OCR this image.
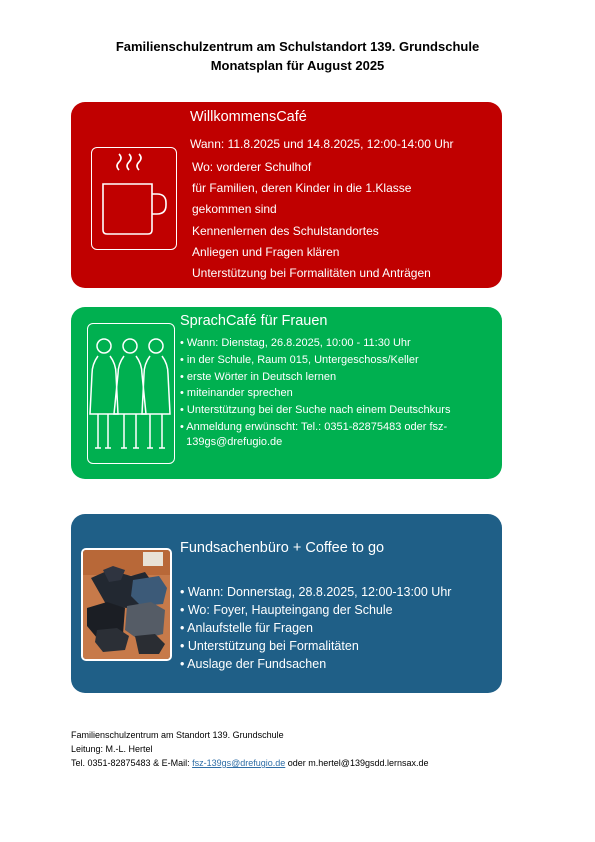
Familienschulzentrum am Schulstandort 139. Grundschule
Monatsplan für August 2025
WillkommensCafé
Wann: 11.8.2025 und 14.8.2025, 12:00-14:00 Uhr
Wo: vorderer Schulhof
für Familien, deren Kinder in die 1.Klasse
gekommen sind
Kennenlernen des Schulstandortes
Anliegen und Fragen klären
Unterstützung bei Formalitäten und Anträgen
SprachCafé für Frauen
• Wann: Dienstag, 26.8.2025, 10:00 - 11:30 Uhr
• in der Schule, Raum 015, Untergeschoss/Keller
• erste Wörter in Deutsch lernen
• miteinander sprechen
• Unterstützung bei der Suche nach einem Deutschkurs
• Anmeldung erwünscht: Tel.: 0351-82875483 oder fsz-
139gs@drefugio.de
Fundsachenbüro + Coffee to go
• Wann: Donnerstag, 28.8.2025, 12:00-13:00 Uhr
• Wo: Foyer, Haupteingang der Schule
• Anlaufstelle für Fragen
• Unterstützung bei Formalitäten
• Auslage der Fundsachen
Familienschulzentrum am Standort 139. Grundschule
Leitung: M.-L. Hertel
Tel. 0351-82875483 & E-Mail: fsz-139gs@drefugio.de oder m.hertel@139gsdd.lernsax.de
